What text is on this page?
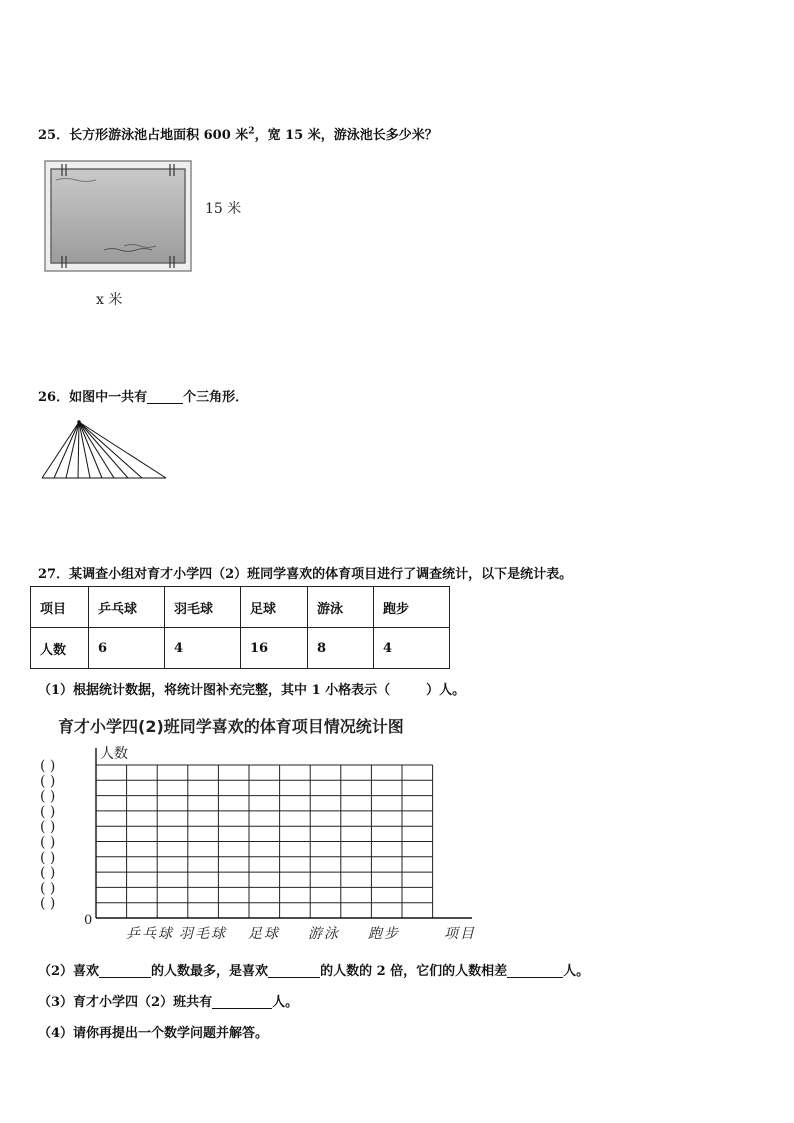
25．长方形游泳池占地面积 600 米$^2$，宽 15 米，游泳池长多少米？
15 米
x 米
26．如图中一共有	个三角形．
27．某调查小组对育才小学四（2）班同学喜欢的体育项目进行了调查统计，以下是统计表。
项目	乒乓球	羽毛球	足球	游泳	跑步
人数	6	4	16	8	4
（1）根据统计数据，将统计图补充完整，其中 1 小格表示（	）人。
育才小学四(2)班同学喜欢的体育项目情况统计图
人数
0
( )
( )
( )
( )
( )
( )
( )
( )
( )
( )
乒乓球 羽毛球 足球 游泳 跑步	项目
（2）喜欢	的人数最多，是喜欢	的人数的 2 倍，它们的人数相差	人。
（3）育才小学四（2）班共有	人。
（4）请你再提出一个数学问题并解答。
